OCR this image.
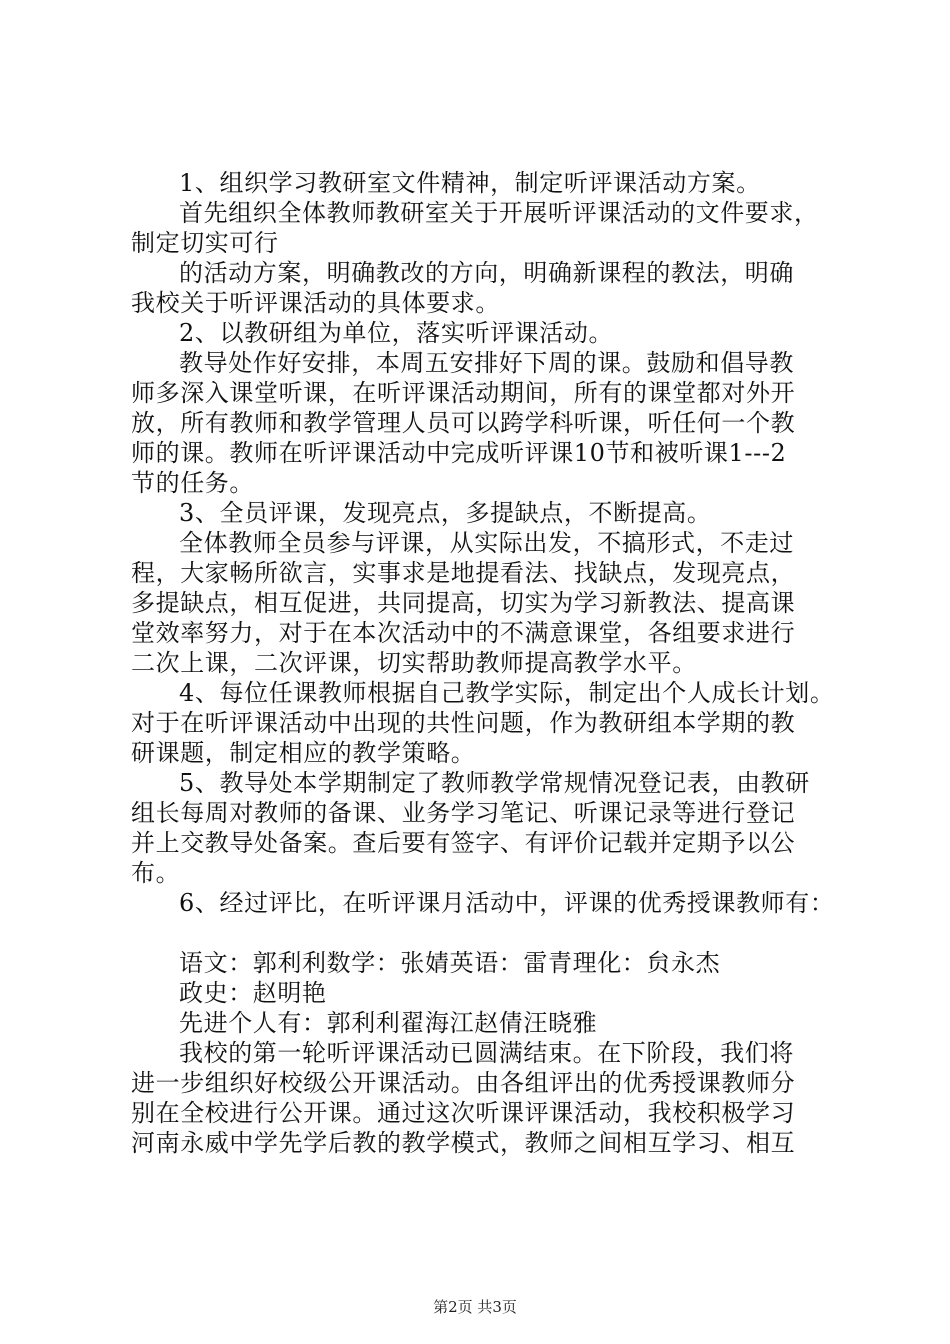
1、组织学习教研室文件精神，制定听评课活动方案。
首先组织全体教师教研室关于开展听评课活动的文件要求，
制定切实可行
的活动方案，明确教改的方向，明确新课程的教法，明确
我校关于听评课活动的具体要求。
2、以教研组为单位，落实听评课活动。
教导处作好安排，本周五安排好下周的课。鼓励和倡导教
师多深入课堂听课，在听评课活动期间，所有的课堂都对外开
放，所有教师和教学管理人员可以跨学科听课，听任何一个教
师的课。教师在听评课活动中完成听评课10节和被听课1---2
节的任务。
3、全员评课，发现亮点，多提缺点，不断提高。
全体教师全员参与评课，从实际出发，不搞形式，不走过
程，大家畅所欲言，实事求是地提看法、找缺点，发现亮点，
多提缺点，相互促进，共同提高，切实为学习新教法、提高课
堂效率努力，对于在本次活动中的不满意课堂，各组要求进行
二次上课，二次评课，切实帮助教师提高教学水平。
4、每位任课教师根据自己教学实际，制定出个人成长计划。
对于在听评课活动中出现的共性问题，作为教研组本学期的教
研课题，制定相应的教学策略。
5、教导处本学期制定了教师教学常规情况登记表，由教研
组长每周对教师的备课、业务学习笔记、听课记录等进行登记
并上交教导处备案。查后要有签字、有评价记载并定期予以公
布。
6、经过评比，在听评课月活动中，评课的优秀授课教师有：
语文：郭利利数学：张婧英语：雷青理化：贠永杰
政史：赵明艳
先进个人有：郭利利翟海江赵倩汪晓雅
我校的第一轮听评课活动已圆满结束。在下阶段，我们将
进一步组织好校级公开课活动。由各组评出的优秀授课教师分
别在全校进行公开课。通过这次听课评课活动，我校积极学习
河南永威中学先学后教的教学模式，教师之间相互学习、相互
第2页 共3页
